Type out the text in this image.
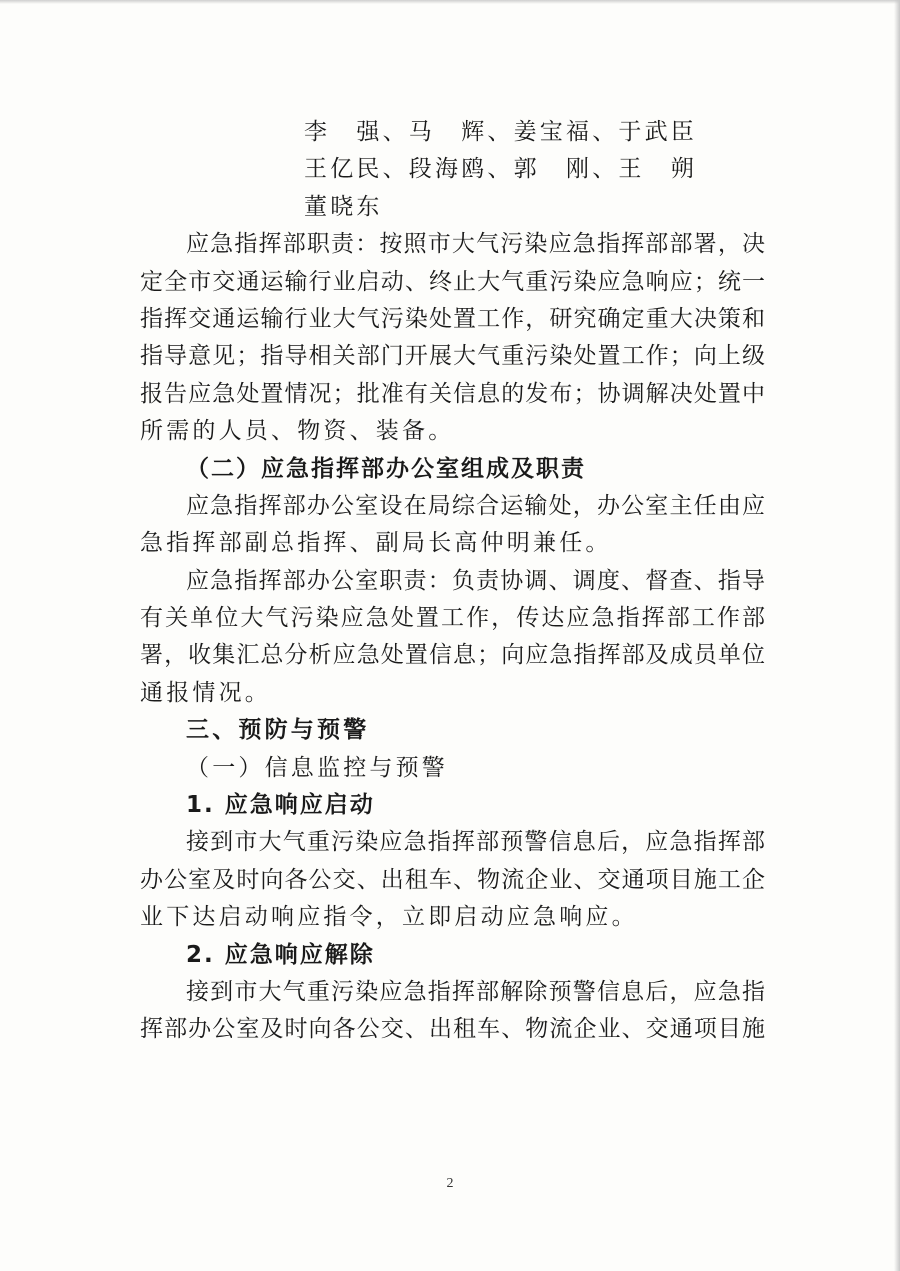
李　强、马　辉、姜宝福、于武臣
王亿民、段海鸥、郭　刚、王　朔
董晓东
应急指挥部职责：按照市大气污染应急指挥部部署，决
定全市交通运输行业启动、终止大气重污染应急响应；统一
指挥交通运输行业大气污染处置工作，研究确定重大决策和
指导意见；指导相关部门开展大气重污染处置工作；向上级
报告应急处置情况；批准有关信息的发布；协调解决处置中
所需的人员、物资、装备。
（二）应急指挥部办公室组成及职责
应急指挥部办公室设在局综合运输处，办公室主任由应
急指挥部副总指挥、副局长高仲明兼任。
应急指挥部办公室职责：负责协调、调度、督查、指导
有关单位大气污染应急处置工作，传达应急指挥部工作部
署，收集汇总分析应急处置信息；向应急指挥部及成员单位
通报情况。
三、预防与预警
（一）信息监控与预警
1. 应急响应启动
接到市大气重污染应急指挥部预警信息后，应急指挥部
办公室及时向各公交、出租车、物流企业、交通项目施工企
业下达启动响应指令，立即启动应急响应。
2. 应急响应解除
接到市大气重污染应急指挥部解除预警信息后，应急指
挥部办公室及时向各公交、出租车、物流企业、交通项目施
2
